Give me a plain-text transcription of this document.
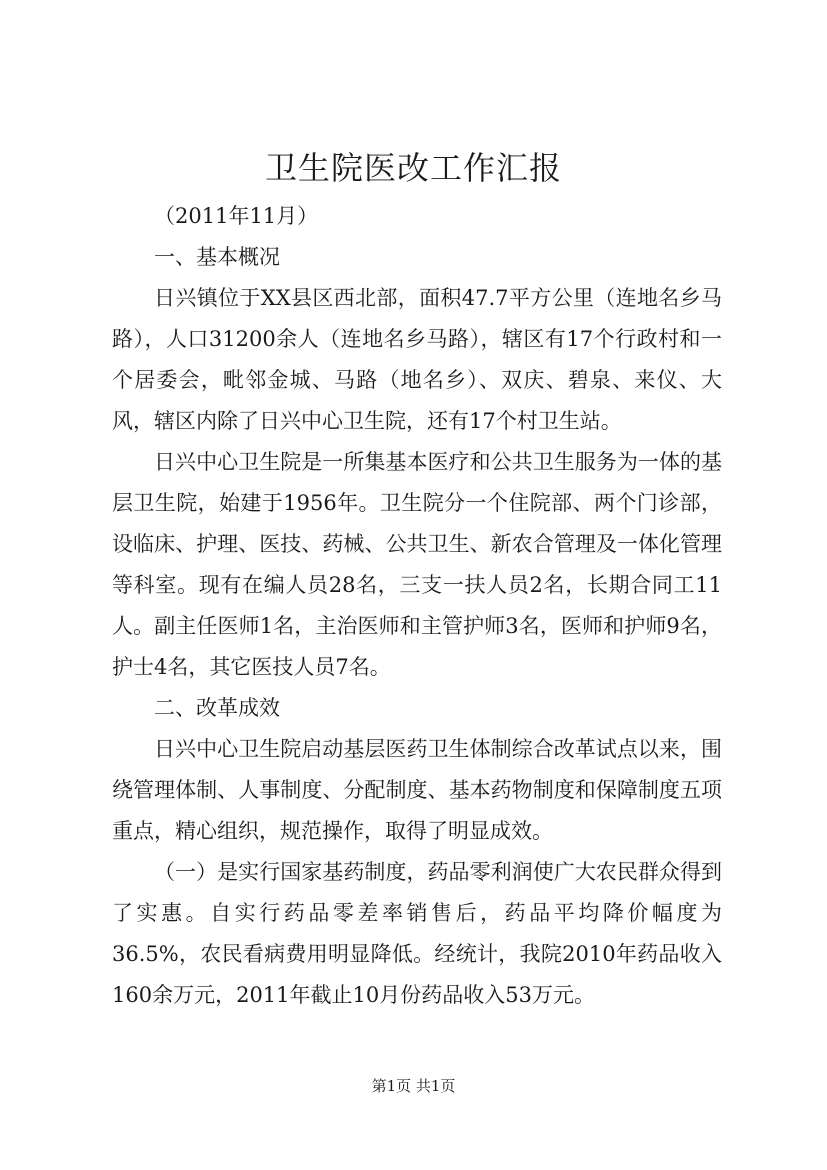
卫生院医改工作汇报

（2011年11月）

一、基本概况

日兴镇位于XX县区西北部，面积47.7平方公里（连地名乡马路），人口31200余人（连地名乡马路），辖区有17个行政村和一个居委会，毗邻金城、马路（地名乡）、双庆、碧泉、来仪、大风，辖区内除了日兴中心卫生院，还有17个村卫生站。

日兴中心卫生院是一所集基本医疗和公共卫生服务为一体的基层卫生院，始建于1956年。卫生院分一个住院部、两个门诊部，设临床、护理、医技、药械、公共卫生、新农合管理及一体化管理等科室。现有在编人员28名，三支一扶人员2名，长期合同工11人。副主任医师1名，主治医师和主管护师3名，医师和护师9名，护士4名，其它医技人员7名。

二、改革成效

日兴中心卫生院启动基层医药卫生体制综合改革试点以来，围绕管理体制、人事制度、分配制度、基本药物制度和保障制度五项重点，精心组织，规范操作，取得了明显成效。

（一）是实行国家基药制度，药品零利润使广大农民群众得到了实惠。自实行药品零差率销售后，药品平均降价幅度为36.5%，农民看病费用明显降低。经统计，我院2010年药品收入160余万元，2011年截止10月份药品收入53万元。

第1页 共1页
